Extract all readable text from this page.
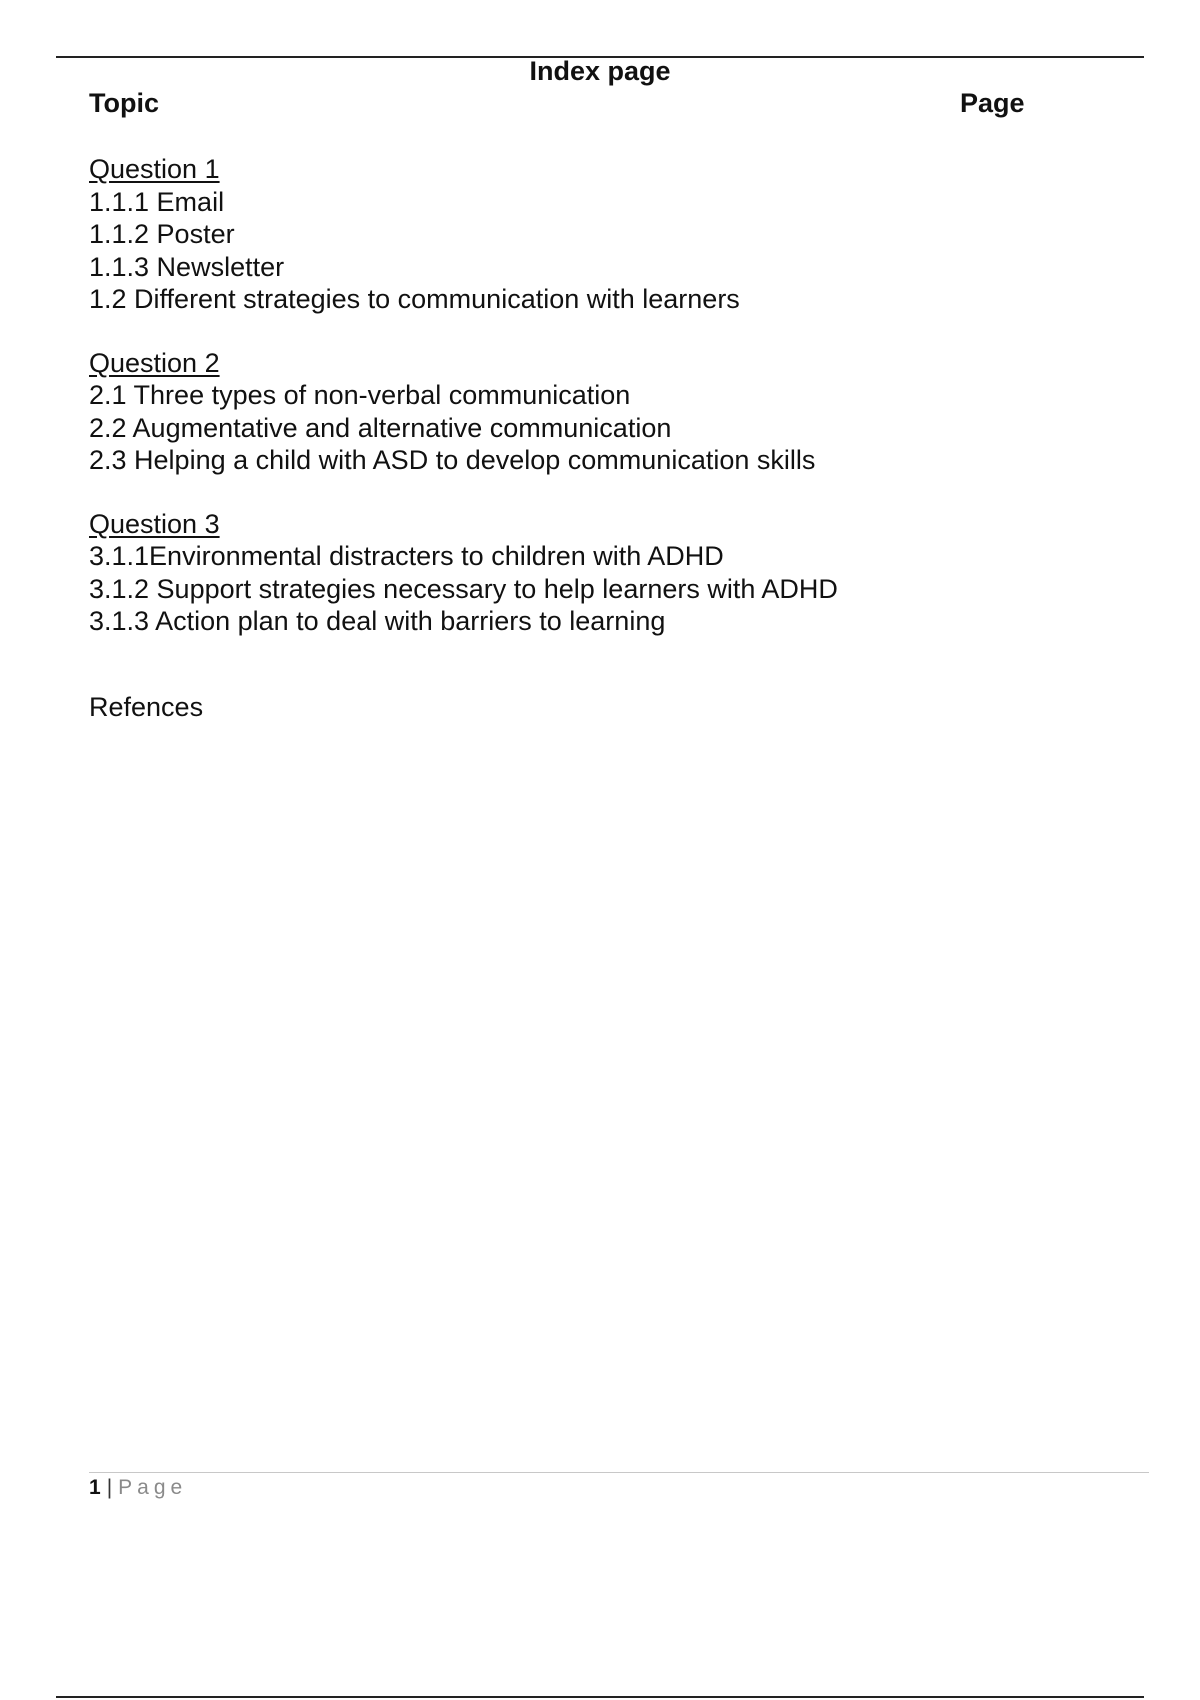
Index page
Topic	Page
Question 1
1.1.1 Email
1.1.2 Poster
1.1.3 Newsletter
1.2 Different strategies to communication with learners
Question 2
2.1 Three types of non-verbal communication
2.2 Augmentative and alternative communication
2.3 Helping a child with ASD to develop communication skills
Question 3
3.1.1Environmental distracters to children with ADHD
3.1.2 Support strategies necessary to help learners with ADHD
3.1.3 Action plan to deal with barriers to learning
Refences
1 | Page
